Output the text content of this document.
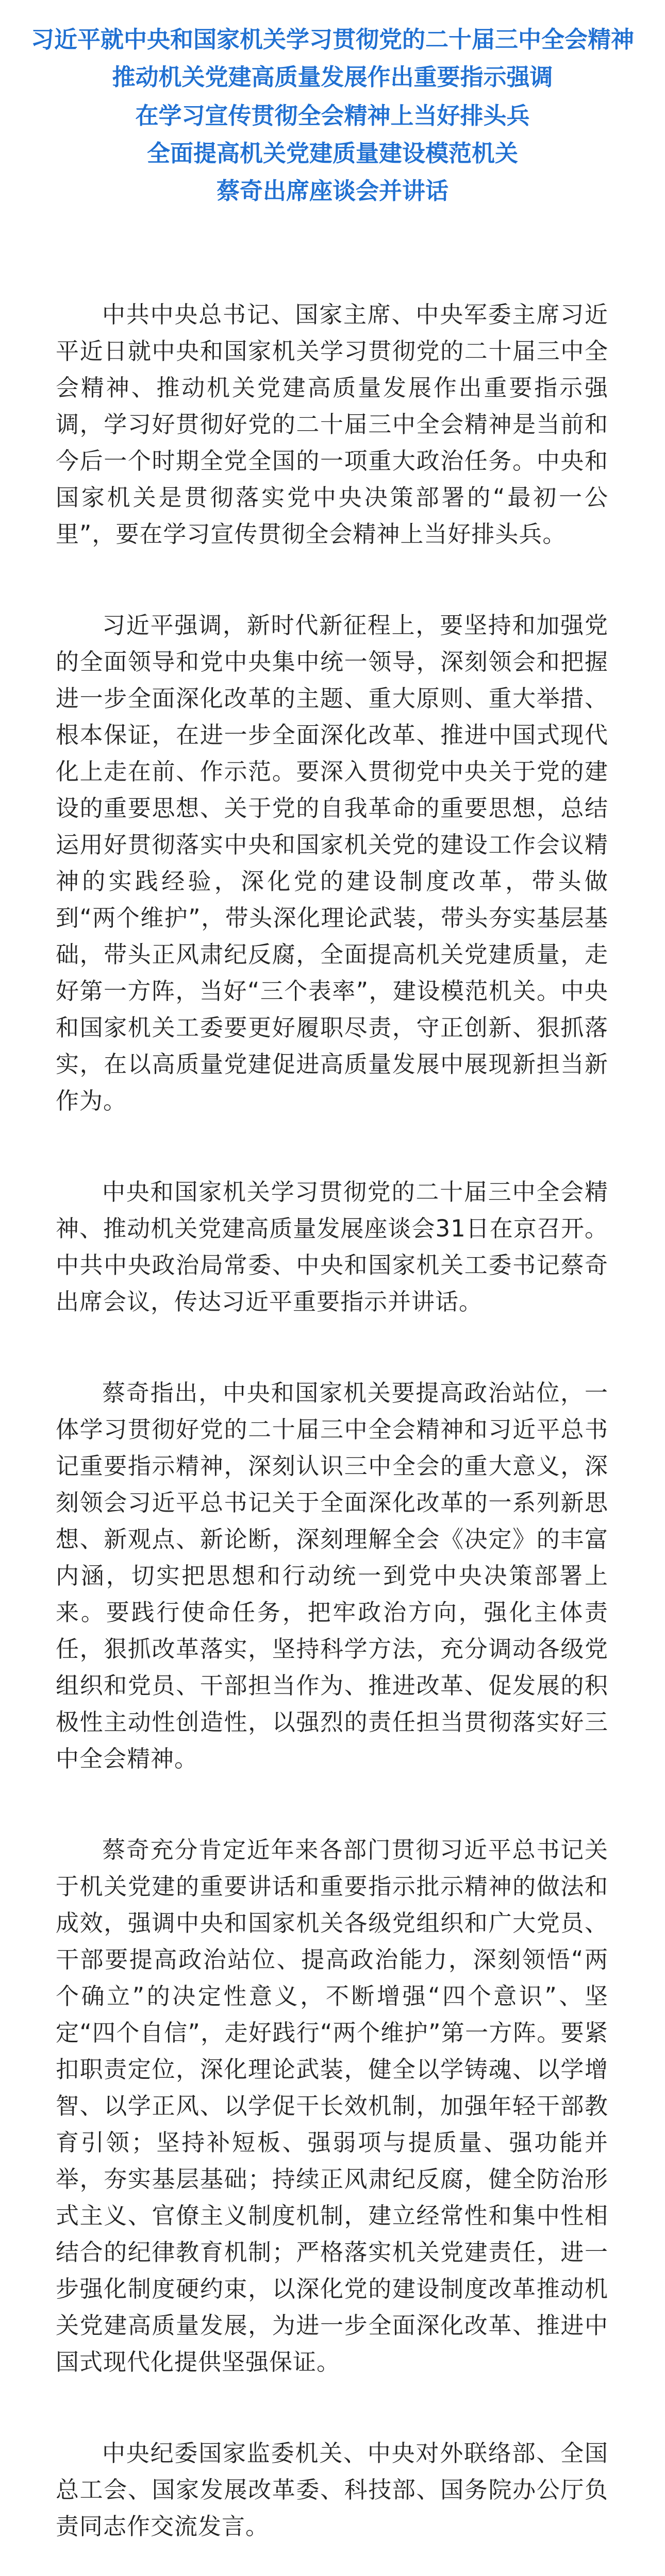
习近平就中央和国家机关学习贯彻党的二十届三中全会精神　推动机关党建高质量发展作出重要指示强调
在学习宣传贯彻全会精神上当好排头兵
全面提高机关党建质量建设模范机关
蔡奇出席座谈会并讲话

中共中央总书记、国家主席、中央军委主席习近平近日就中央和国家机关学习贯彻党的二十届三中全会精神、推动机关党建高质量发展作出重要指示强调，学习好贯彻好党的二十届三中全会精神是当前和今后一个时期全党全国的一项重大政治任务。中央和国家机关是贯彻落实党中央决策部署的“最初一公里”，要在学习宣传贯彻全会精神上当好排头兵。

习近平强调，新时代新征程上，要坚持和加强党的全面领导和党中央集中统一领导，深刻领会和把握进一步全面深化改革的主题、重大原则、重大举措、根本保证，在进一步全面深化改革、推进中国式现代化上走在前、作示范。要深入贯彻党中央关于党的建设的重要思想、关于党的自我革命的重要思想，总结运用好贯彻落实中央和国家机关党的建设工作会议精神的实践经验，深化党的建设制度改革，带头做到“两个维护”，带头深化理论武装，带头夯实基层基础，带头正风肃纪反腐，全面提高机关党建质量，走好第一方阵，当好“三个表率”，建设模范机关。中央和国家机关工委要更好履职尽责，守正创新、狠抓落实，在以高质量党建促进高质量发展中展现新担当新作为。

中央和国家机关学习贯彻党的二十届三中全会精神、推动机关党建高质量发展座谈会31日在京召开。中共中央政治局常委、中央和国家机关工委书记蔡奇出席会议，传达习近平重要指示并讲话。

蔡奇指出，中央和国家机关要提高政治站位，一体学习贯彻好党的二十届三中全会精神和习近平总书记重要指示精神，深刻认识三中全会的重大意义，深刻领会习近平总书记关于全面深化改革的一系列新思想、新观点、新论断，深刻理解全会《决定》的丰富内涵，切实把思想和行动统一到党中央决策部署上来。要践行使命任务，把牢政治方向，强化主体责任，狠抓改革落实，坚持科学方法，充分调动各级党组织和党员、干部担当作为、推进改革、促发展的积极性主动性创造性，以强烈的责任担当贯彻落实好三中全会精神。

蔡奇充分肯定近年来各部门贯彻习近平总书记关于机关党建的重要讲话和重要指示批示精神的做法和成效，强调中央和国家机关各级党组织和广大党员、干部要提高政治站位、提高政治能力，深刻领悟“两个确立”的决定性意义，不断增强“四个意识”、坚定“四个自信”，走好践行“两个维护”第一方阵。要紧扣职责定位，深化理论武装，健全以学铸魂、以学增智、以学正风、以学促干长效机制，加强年轻干部教育引领；坚持补短板、强弱项与提质量、强功能并举，夯实基层基础；持续正风肃纪反腐，健全防治形式主义、官僚主义制度机制，建立经常性和集中性相结合的纪律教育机制；严格落实机关党建责任，进一步强化制度硬约束，以深化党的建设制度改革推动机关党建高质量发展，为进一步全面深化改革、推进中国式现代化提供坚强保证。

中央纪委国家监委机关、中央对外联络部、全国总工会、国家发展改革委、科技部、国务院办公厅负责同志作交流发言。
